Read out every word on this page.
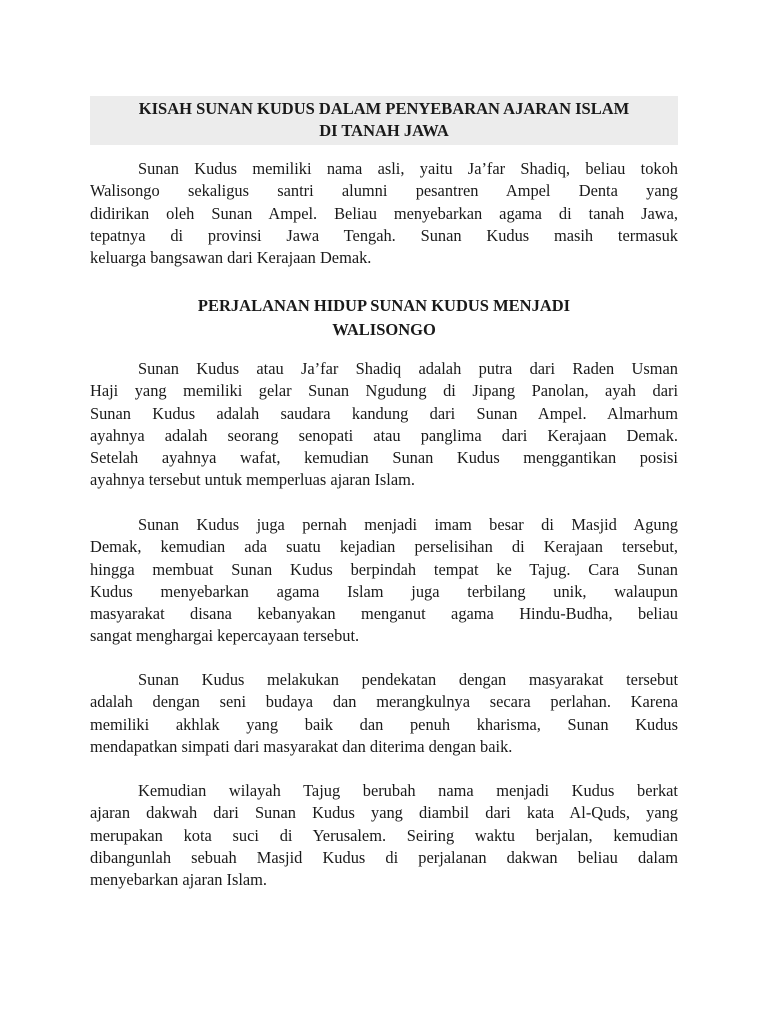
KISAH SUNAN KUDUS DALAM PENYEBARAN AJARAN ISLAM
DI TANAH JAWA
Sunan Kudus memiliki nama asli, yaitu Ja’far Shadiq, beliau tokoh
Walisongo sekaligus santri alumni pesantren Ampel Denta yang
didirikan oleh Sunan Ampel. Beliau menyebarkan agama di tanah Jawa,
tepatnya di provinsi Jawa Tengah. Sunan Kudus masih termasuk
keluarga bangsawan dari Kerajaan Demak.
PERJALANAN HIDUP SUNAN KUDUS MENJADI
WALISONGO
Sunan Kudus atau Ja’far Shadiq adalah putra dari Raden Usman
Haji yang memiliki gelar Sunan Ngudung di Jipang Panolan, ayah dari
Sunan Kudus adalah saudara kandung dari Sunan Ampel. Almarhum
ayahnya adalah seorang senopati atau panglima dari Kerajaan Demak.
Setelah ayahnya wafat, kemudian Sunan Kudus menggantikan posisi
ayahnya tersebut untuk memperluas ajaran Islam.
Sunan Kudus juga pernah menjadi imam besar di Masjid Agung
Demak, kemudian ada suatu kejadian perselisihan di Kerajaan tersebut,
hingga membuat Sunan Kudus berpindah tempat ke Tajug. Cara Sunan
Kudus menyebarkan agama Islam juga terbilang unik, walaupun
masyarakat disana kebanyakan menganut agama Hindu-Budha, beliau
sangat menghargai kepercayaan tersebut.
Sunan Kudus melakukan pendekatan dengan masyarakat tersebut
adalah dengan seni budaya dan merangkulnya secara perlahan. Karena
memiliki akhlak yang baik dan penuh kharisma, Sunan Kudus
mendapatkan simpati dari masyarakat dan diterima dengan baik.
Kemudian wilayah Tajug berubah nama menjadi Kudus berkat
ajaran dakwah dari Sunan Kudus yang diambil dari kata Al-Quds, yang
merupakan kota suci di Yerusalem. Seiring waktu berjalan, kemudian
dibangunlah sebuah Masjid Kudus di perjalanan dakwan beliau dalam
menyebarkan ajaran Islam.
